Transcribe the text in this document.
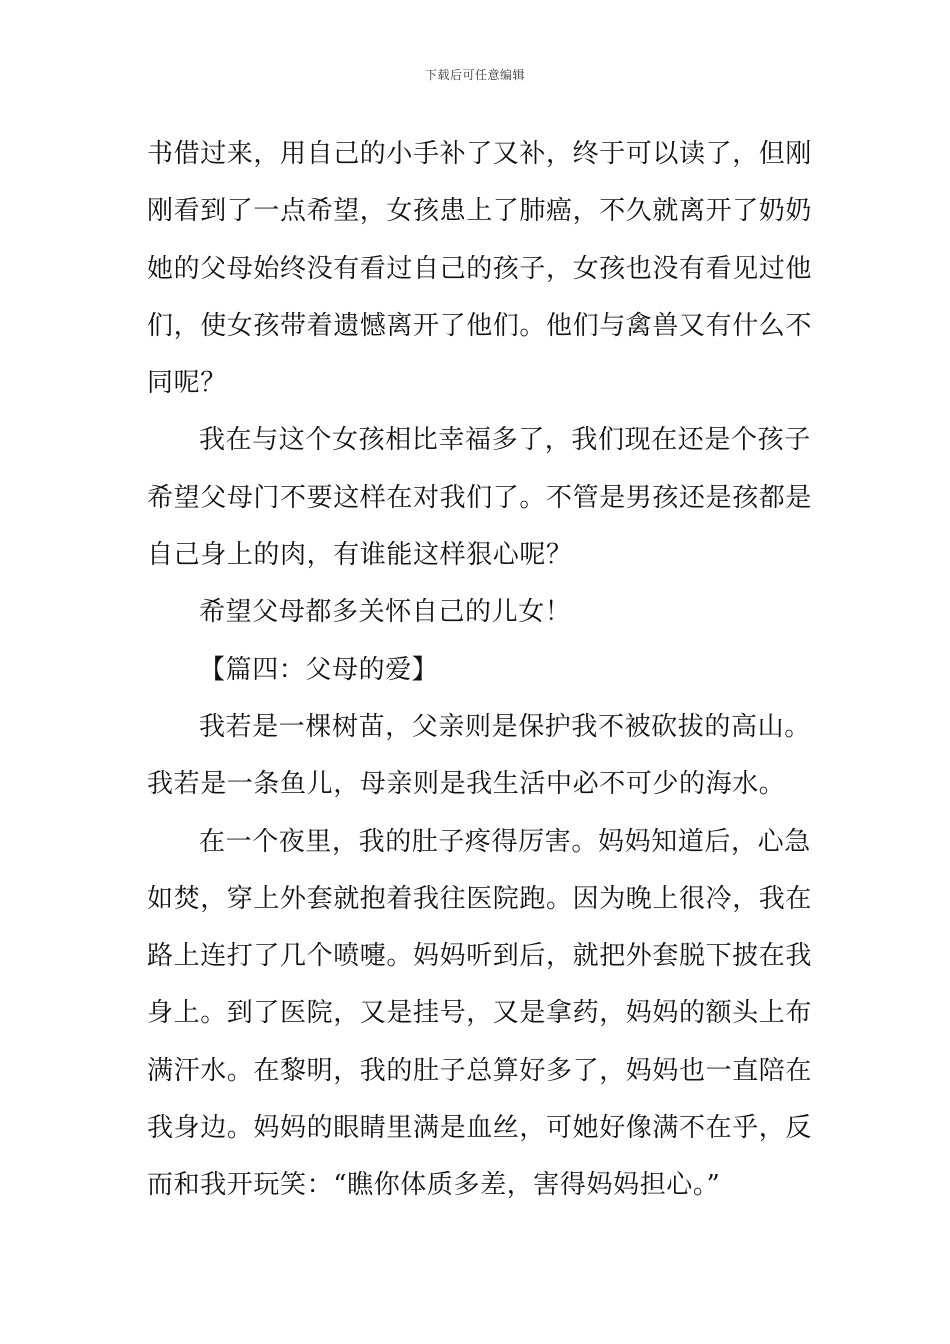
下载后可任意编辑
书借过来，用自己的小手补了又补，终于可以读了，但刚
刚看到了一点希望，女孩患上了肺癌，不久就离开了奶奶
她的父母始终没有看过自己的孩子，女孩也没有看见过他
们，使女孩带着遗憾离开了他们。他们与禽兽又有什么不
同呢？
我在与这个女孩相比幸福多了，我们现在还是个孩子
希望父母门不要这样在对我们了。不管是男孩还是孩都是
自己身上的肉，有谁能这样狠心呢？
希望父母都多关怀自己的儿女！
【篇四：父母的爱】
我若是一棵树苗，父亲则是保护我不被砍拔的高山。
我若是一条鱼儿，母亲则是我生活中必不可少的海水。
在一个夜里，我的肚子疼得厉害。妈妈知道后，心急
如焚，穿上外套就抱着我往医院跑。因为晚上很冷，我在
路上连打了几个喷嚏。妈妈听到后，就把外套脱下披在我
身上。到了医院，又是挂号，又是拿药，妈妈的额头上布
满汗水。在黎明，我的肚子总算好多了，妈妈也一直陪在
我身边。妈妈的眼睛里满是血丝，可她好像满不在乎，反
而和我开玩笑：“瞧你体质多差，害得妈妈担心。”
